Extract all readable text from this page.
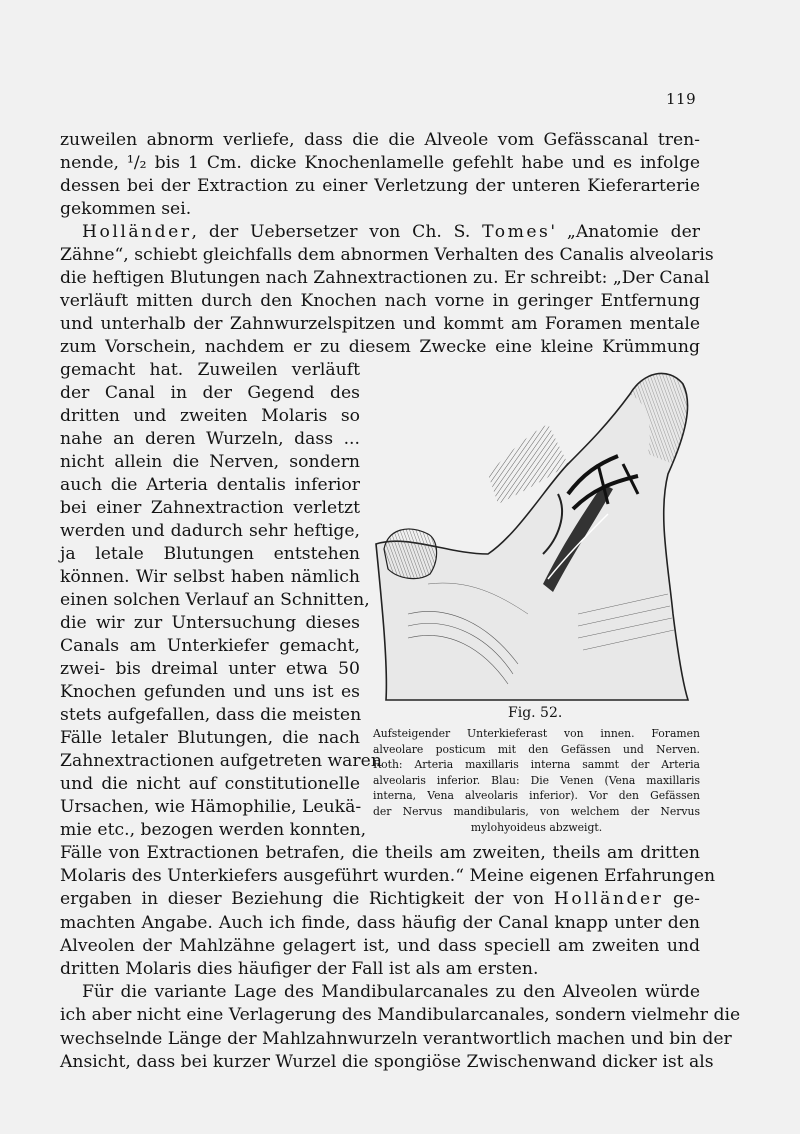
119
zuweilen abnorm verliefe, dass die die Alveole vom Gefässcanal tren-
nende, ¹/₂ bis 1 Cm. dicke Knochenlamelle gefehlt habe und es infolge
dessen bei der Extraction zu einer Verletzung der unteren Kieferarterie
gekommen sei.
Holländer, der Uebersetzer von Ch. S. Tomes' „Anatomie der
Zähne“, schiebt gleichfalls dem abnormen Verhalten des Canalis alveolaris
die heftigen Blutungen nach Zahnextractionen zu. Er schreibt: „Der Canal
verläuft mitten durch den Knochen nach vorne in geringer Entfernung
und unterhalb der Zahnwurzelspitzen und kommt am Foramen mentale
zum Vorschein, nachdem er zu diesem Zwecke eine kleine Krümmung
gemacht hat. Zuweilen verläuft
der Canal in der Gegend des
dritten und zweiten Molaris so
nahe an deren Wurzeln, dass ...
nicht allein die Nerven, sondern
auch die Arteria dentalis inferior
bei einer Zahnextraction verletzt
werden und dadurch sehr heftige,
ja letale Blutungen entstehen
können. Wir selbst haben nämlich
einen solchen Verlauf an Schnitten,
die wir zur Untersuchung dieses
Canals am Unterkiefer gemacht,
zwei- bis dreimal unter etwa 50
Knochen gefunden und uns ist es
stets aufgefallen, dass die meisten
Fälle letaler Blutungen, die nach
Zahnextractionen aufgetreten waren
und die nicht auf constitutionelle
Ursachen, wie Hämophilie, Leukä-
mie etc., bezogen werden konnten,
Fälle von Extractionen betrafen, die theils am zweiten, theils am dritten
Molaris des Unterkiefers ausgeführt wurden.“ Meine eigenen Erfahrungen
ergaben in dieser Beziehung die Richtigkeit der von Holländer ge-
machten Angabe. Auch ich finde, dass häufig der Canal knapp unter den
Alveolen der Mahlzähne gelagert ist, und dass speciell am zweiten und
dritten Molaris dies häufiger der Fall ist als am ersten.
Für die variante Lage des Mandibularcanales zu den Alveolen würde
ich aber nicht eine Verlagerung des Mandibularcanales, sondern vielmehr die
wechselnde Länge der Mahlzahnwurzeln verantwortlich machen und bin der
Ansicht, dass bei kurzer Wurzel die spongiöse Zwischenwand dicker ist als
Fig. 52.
Aufsteigender Unterkieferast von innen. Foramen
alveolare posticum mit den Gefässen und Nerven.
Roth: Arteria maxillaris interna sammt der Arteria
alveolaris inferior. Blau: Die Venen (Vena maxillaris
interna, Vena alveolaris inferior). Vor den Gefässen
der Nervus mandibularis, von welchem der Nervus
mylohyoideus abzweigt.
